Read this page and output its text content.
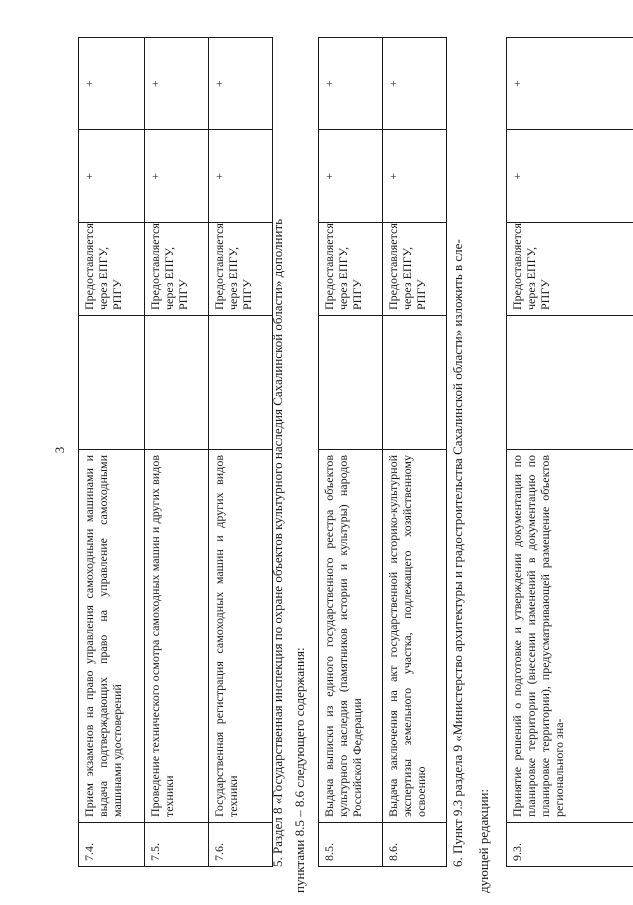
3
7.4.	Прием экзаменов на право управления самоходными машинами и выдача подтверждающих право на управление самоходными машинами удостоверений		Предоставляется через ЕПГУ, РПГУ	+	+
7.5.	Проведение технического осмотра самоходных машин и других видов техники		Предоставляется через ЕПГУ, РПГУ	+	+
7.6.	Государственная регистрация самоходных машин и других видов техники		Предоставляется через ЕПГУ, РПГУ	+	+
5. Раздел 8 «Государственная инспекция по охране объектов культурного наследия Сахалинской области» дополнить пунктами 8.5 – 8.6 следующего содержания: 8.5.	Выдача выписки из единого государственного реестра объектов культурного наследия (памятников истории и культуры) народов Российской Федерации		Предоставляется через ЕПГУ, РПГУ	+	+
8.6.	Выдача заключения на акт государственной историко-культурной экспертизы земельного участка, подлежащего хозяйственному освоению		Предоставляется через ЕПГУ, РПГУ	+	+
6. Пункт 9.3 раздела 9 «Министерство архитектуры и градостроительства Сахалинской области» изложить в сле- дующей редакции: 9.3.	Принятие решений о подготовке и утверждении документации по планировке территории (внесении изменений в документацию по планировке территории), предусматривающей размещение объектов регионального зна-		Предоставляется через ЕПГУ, РПГУ	+	+
